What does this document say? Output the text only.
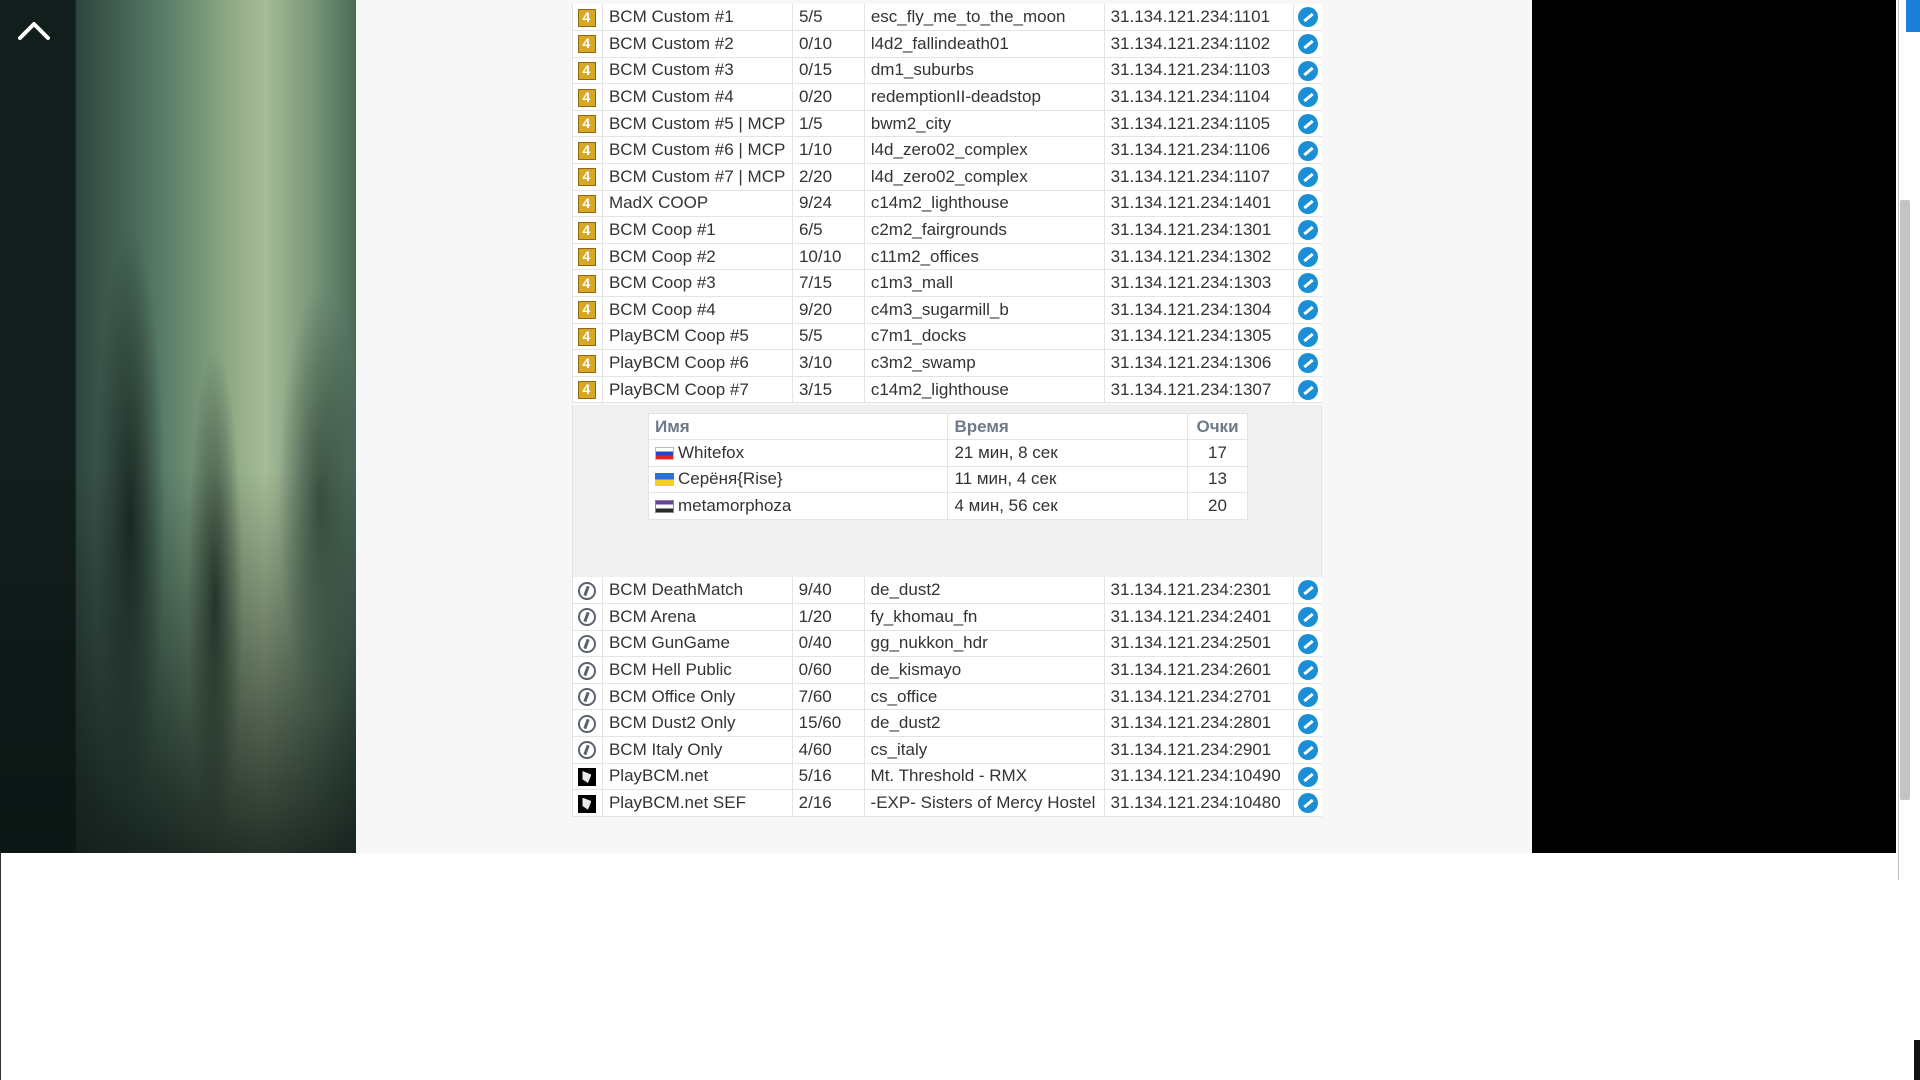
4	BCM Custom #1	5/5	esc_fly_me_to_the_moon	31.134.121.234:1101	
4	BCM Custom #2	0/10	l4d2_fallindeath01	31.134.121.234:1102	
4	BCM Custom #3	0/15	dm1_suburbs	31.134.121.234:1103	
4	BCM Custom #4	0/20	redemptionII-deadstop	31.134.121.234:1104	
4	BCM Custom #5 | MCP	1/5	bwm2_city	31.134.121.234:1105	
4	BCM Custom #6 | MCP	1/10	l4d_zero02_complex	31.134.121.234:1106	
4	BCM Custom #7 | MCP	2/20	l4d_zero02_complex	31.134.121.234:1107	
4	MadX COOP	9/24	c14m2_lighthouse	31.134.121.234:1401	
4	BCM Coop #1	6/5	c2m2_fairgrounds	31.134.121.234:1301	
4	BCM Coop #2	10/10	c11m2_offices	31.134.121.234:1302	
4	BCM Coop #3	7/15	c1m3_mall	31.134.121.234:1303	
4	BCM Coop #4	9/20	c4m3_sugarmill_b	31.134.121.234:1304	
4	PlayBCM Coop #5	5/5	c7m1_docks	31.134.121.234:1305	
4	PlayBCM Coop #6	3/10	c3m2_swamp	31.134.121.234:1306	
4	PlayBCM Coop #7	3/15	c14m2_lighthouse	31.134.121.234:1307	
Имя	Время	Очки
Whitefox	21 мин, 8 сек	17
Серёня{Rise}	11 мин, 4 сек	13
metamorphoza	4 мин, 56 сек	20
	BCM DeathMatch	9/40	de_dust2	31.134.121.234:2301	
	BCM Arena	1/20	fy_khomau_fn	31.134.121.234:2401	
	BCM GunGame	0/40	gg_nukkon_hdr	31.134.121.234:2501	
	BCM Hell Public	0/60	de_kismayo	31.134.121.234:2601	
	BCM Office Only	7/60	cs_office	31.134.121.234:2701	
	BCM Dust2 Only	15/60	de_dust2	31.134.121.234:2801	
	BCM Italy Only	4/60	cs_italy	31.134.121.234:2901	
	PlayBCM.net	5/16	Mt. Threshold - RMX	31.134.121.234:10490	
	PlayBCM.net SEF	2/16	-EXP- Sisters of Mercy Hostel	31.134.121.234:10480	
